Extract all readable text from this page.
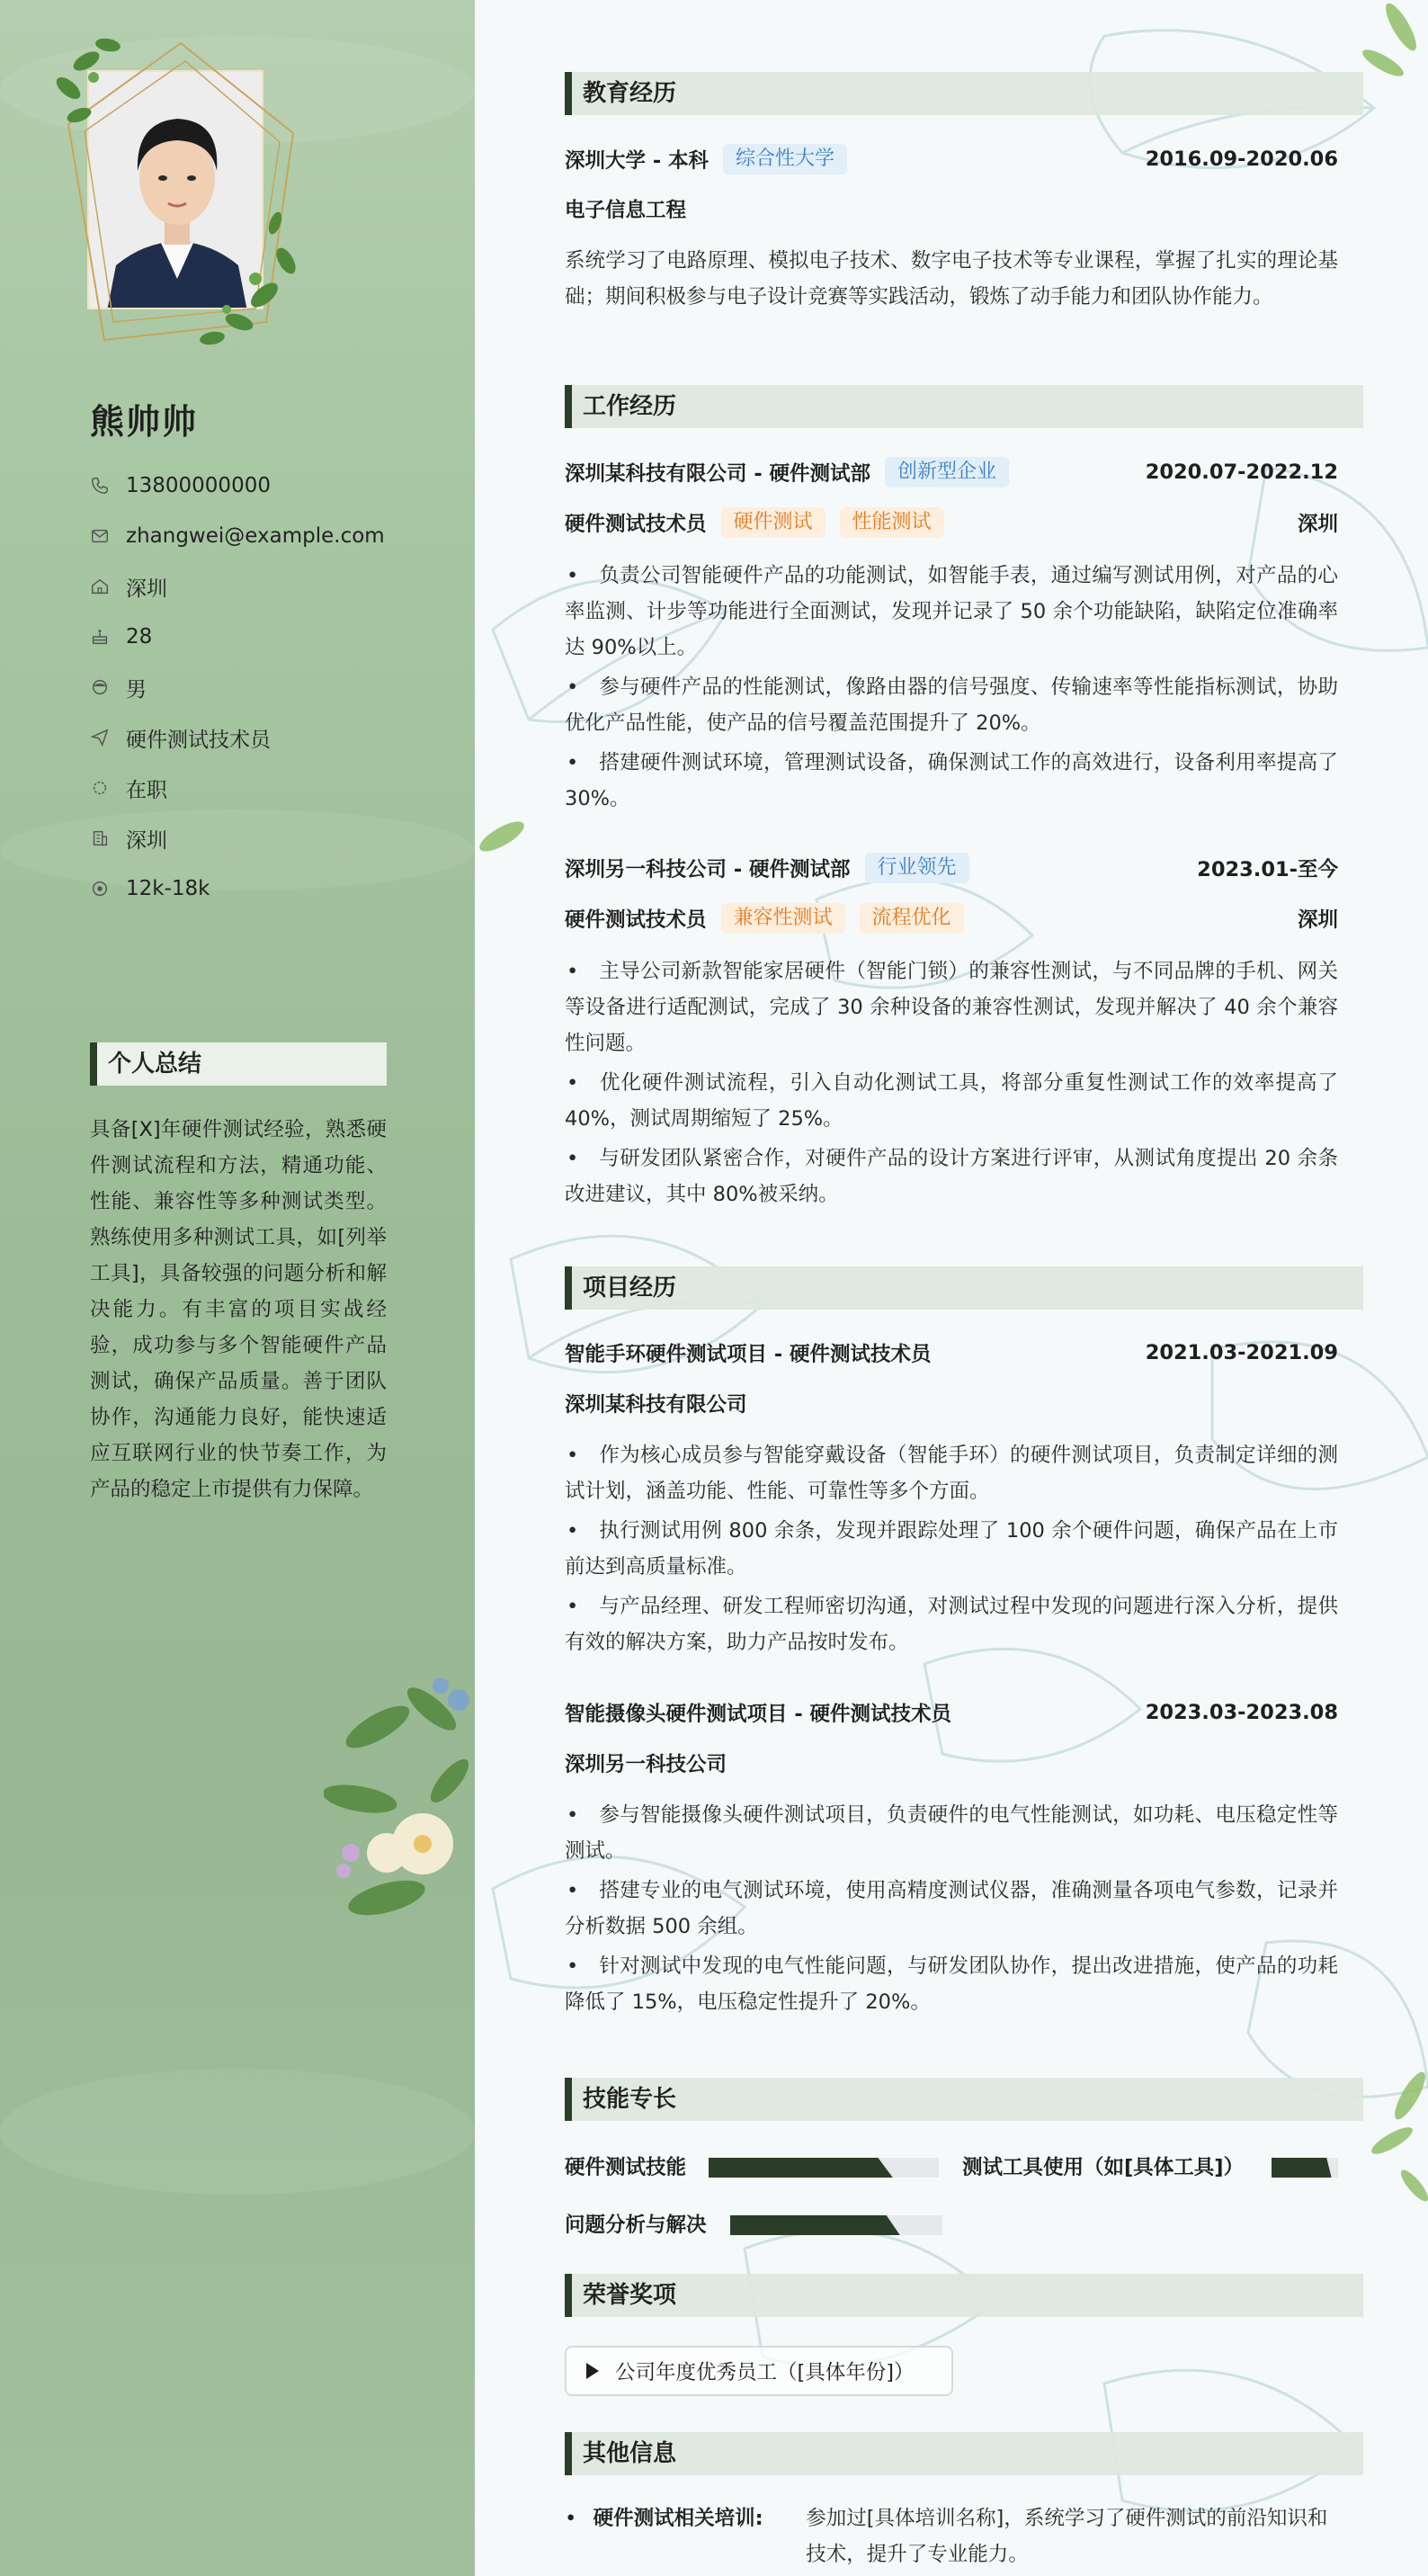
熊帅帅
13800000000
zhangwei@example.com
深圳
28
男
硬件测试技术员
在职
深圳
12k-18k
个人总结
具备[X]年硬件测试经验，熟悉硬件测试流程和方法，精通功能、性能、兼容性等多种测试类型。熟练使用多种测试工具，如[列举工具]，具备较强的问题分析和解决能力。有丰富的项目实战经验，成功参与多个智能硬件产品测试，确保产品质量。善于团队协作，沟通能力良好，能快速适应互联网行业的快节奏工作，为产品的稳定上市提供有力保障。
教育经历
深圳大学 - 本科	综合性大学	2016.09-2020.06
电子信息工程
系统学习了电路原理、模拟电子技术、数字电子技术等专业课程，掌握了扎实的理论基础；期间积极参与电子设计竞赛等实践活动，锻炼了动手能力和团队协作能力。
工作经历
深圳某科技有限公司 - 硬件测试部	创新型企业	2020.07-2022.12
硬件测试技术员	硬件测试	性能测试	深圳
• 负责公司智能硬件产品的功能测试，如智能手表，通过编写测试用例，对产品的心率监测、计步等功能进行全面测试，发现并记录了 50 余个功能缺陷，缺陷定位准确率达 90%以上。
• 参与硬件产品的性能测试，像路由器的信号强度、传输速率等性能指标测试，协助优化产品性能，使产品的信号覆盖范围提升了 20%。
• 搭建硬件测试环境，管理测试设备，确保测试工作的高效进行，设备利用率提高了 30%。
深圳另一科技公司 - 硬件测试部	行业领先	2023.01-至今
硬件测试技术员	兼容性测试	流程优化	深圳
• 主导公司新款智能家居硬件（智能门锁）的兼容性测试，与不同品牌的手机、网关等设备进行适配测试，完成了 30 余种设备的兼容性测试，发现并解决了 40 余个兼容性问题。
• 优化硬件测试流程，引入自动化测试工具，将部分重复性测试工作的效率提高了 40%，测试周期缩短了 25%。
• 与研发团队紧密合作，对硬件产品的设计方案进行评审，从测试角度提出 20 余条改进建议，其中 80%被采纳。
项目经历
智能手环硬件测试项目 - 硬件测试技术员	2021.03-2021.09
深圳某科技有限公司
• 作为核心成员参与智能穿戴设备（智能手环）的硬件测试项目，负责制定详细的测试计划，涵盖功能、性能、可靠性等多个方面。
• 执行测试用例 800 余条，发现并跟踪处理了 100 余个硬件问题，确保产品在上市前达到高质量标准。
• 与产品经理、研发工程师密切沟通，对测试过程中发现的问题进行深入分析，提供有效的解决方案，助力产品按时发布。
智能摄像头硬件测试项目 - 硬件测试技术员	2023.03-2023.08
深圳另一科技公司
• 参与智能摄像头硬件测试项目，负责硬件的电气性能测试，如功耗、电压稳定性等测试。
• 搭建专业的电气测试环境，使用高精度测试仪器，准确测量各项电气参数，记录并分析数据 500 余组。
• 针对测试中发现的电气性能问题，与研发团队协作，提出改进措施，使产品的功耗降低了 15%，电压稳定性提升了 20%。
技能专长
硬件测试技能	测试工具使用（如[具体工具]）
问题分析与解决
荣誉奖项
公司年度优秀员工（[具体年份]）
其他信息
• 硬件测试相关培训:	参加过[具体培训名称]，系统学习了硬件测试的前沿知识和技术，提升了专业能力。
